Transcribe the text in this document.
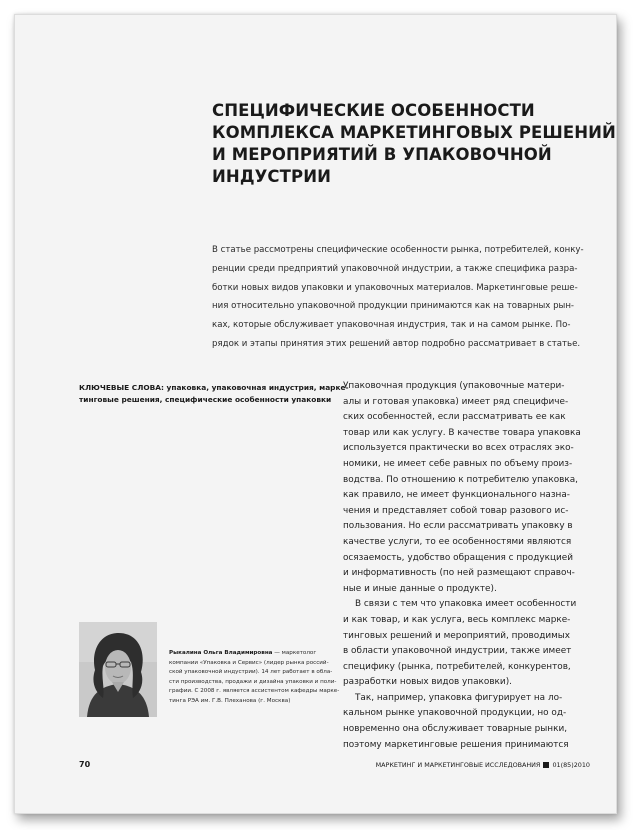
СПЕЦИФИЧЕСКИЕ ОСОБЕННОСТИ
КОМПЛЕКСА МАРКЕТИНГОВЫХ РЕШЕНИЙ
И МЕРОПРИЯТИЙ В УПАКОВОЧНОЙ
ИНДУСТРИИ

В статье рассмотрены специфические особенности рынка, потребителей, конку-
ренции среди предприятий упаковочной индустрии, а также специфика разра-
ботки новых видов упаковки и упаковочных материалов. Маркетинговые реше-
ния относительно упаковочной продукции принимаются как на товарных рын-
ках, которые обслуживает упаковочная индустрия, так и на самом рынке. По-
рядок и этапы принятия этих решений автор подробно рассматривает в статье.

КЛЮЧЕВЫЕ СЛОВА: упаковка, упаковочная индустрия, марке-
тинговые решения, специфические особенности упаковки

Упаковочная продукция (упаковочные матери-
алы и готовая упаковка) имеет ряд специфиче-
ских особенностей, если рассматривать ее как
товар или как услугу. В качестве товара упаковка
используется практически во всех отраслях эко-
номики, не имеет себе равных по объему произ-
водства. По отношению к потребителю упаковка,
как правило, не имеет функционального назна-
чения и представляет собой товар разового ис-
пользования. Но если рассматривать упаковку в
качестве услуги, то ее особенностями являются
осязаемость, удобство обращения с продукцией
и информативность (по ней размещают справоч-
ные и иные данные о продукте).
В связи с тем что упаковка имеет особенности
и как товар, и как услуга, весь комплекс марке-
тинговых решений и мероприятий, проводимых
в области упаковочной индустрии, также имеет
специфику (рынка, потребителей, конкурентов,
разработки новых видов упаковки).
Так, например, упаковка фигурирует на ло-
кальном рынке упаковочной продукции, но од-
новременно она обслуживает товарные рынки,
поэтому маркетинговые решения принимаются

Рыкалина Ольга Владимировна — маркетолог
компании «Упаковка и Сервис» (лидер рынка россий-
ской упаковочной индустрии). 14 лет работает в обла-
сти производства, продажи и дизайна упаковки и поли-
графии. С 2008 г. является ассистентом кафедры марке-
тинга РЭА им. Г.В. Плеханова (г. Москва)

70	МАРКЕТИНГ И МАРКЕТИНГОВЫЕ ИССЛЕДОВАНИЯ 01(85)2010
